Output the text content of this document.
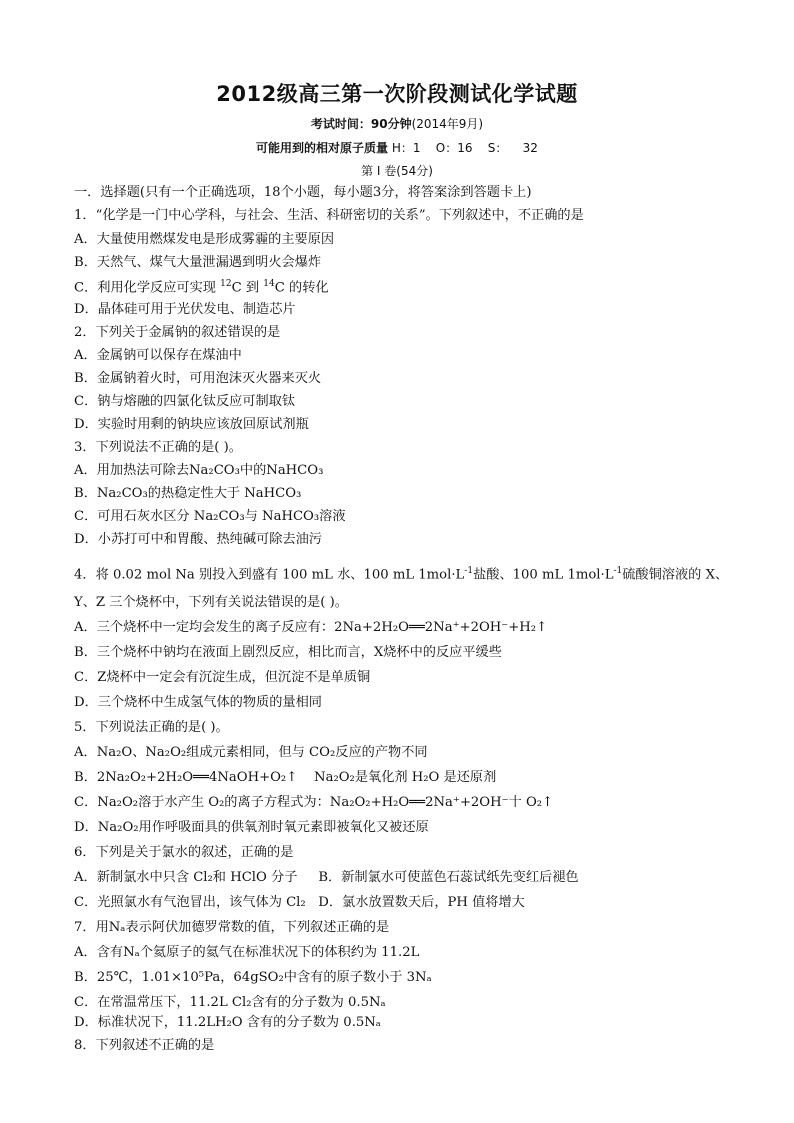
2012级高三第一次阶段测试化学试题
考试时间：90分钟(2014年9月)
可能用到的相对原子质量 H：1    O：16    S：    32
第 Ⅰ 卷(54分)
一．选择题(只有一个正确选项，18个小题，每小题3分，将答案涂到答题卡上)
1．“化学是一门中心学科，与社会、生活、科研密切的关系”。下列叙述中，不正确的是
A．大量使用燃煤发电是形成雾霾的主要原因
B．天然气、煤气大量泄漏遇到明火会爆炸
C．利用化学反应可实现 $^{12}$C 到 $^{14}$C 的转化
D．晶体硅可用于光伏发电、制造芯片
2．下列关于金属钠的叙述错误的是
A．金属钠可以保存在煤油中
B．金属钠着火时，可用泡沫灭火器来灭火
C．钠与熔融的四氯化钛反应可制取钛
D．实验时用剩的钠块应该放回原试剂瓶
3．下列说法不正确的是( )。
A．用加热法可除去Na₂CO₃中的NaHCO₃
B．Na₂CO₃的热稳定性大于 NaHCO₃
C．可用石灰水区分 Na₂CO₃与 NaHCO₃溶液
D．小苏打可中和胃酸、热纯碱可除去油污
4．将 0.02 mol Na 别投入到盛有 100 mL 水、100 mL $1mol\cdot L^{-1}$盐酸、100 mL $1mol\cdot L^{-1}$硫酸铜溶液的 X、
Y、Z 三个烧杯中，下列有关说法错误的是( )。
A．三个烧杯中一定均会发生的离子反应有：2Na+2H₂O══2Na⁺+2OH⁻+H₂↑
B．三个烧杯中钠均在液面上剧烈反应，相比而言，X烧杯中的反应平缓些
C．Z烧杯中一定会有沉淀生成，但沉淀不是单质铜
D．三个烧杯中生成氢气体的物质的量相同
5．下列说法正确的是( )。
A．Na₂O、Na₂O₂组成元素相同，但与 CO₂反应的产物不同
B．2Na₂O₂+2H₂O══4NaOH+O₂↑    Na₂O₂是氧化剂 H₂O 是还原剂
C．Na₂O₂溶于水产生 O₂的离子方程式为：Na₂O₂+H₂O══2Na⁺+2OH⁻十 O₂↑
D．Na₂O₂用作呼吸面具的供氧剂时氧元素即被氧化又被还原
6．下列是关于氯水的叙述，正确的是
A．新制氯水中只含 Cl₂和 HClO 分子     B．新制氯水可使蓝色石蕊试纸先变红后褪色
C．光照氯水有气泡冒出，该气体为 Cl₂   D．氯水放置数天后，PH 值将增大
7．用Nₐ表示阿伏加德罗常数的值，下列叙述正确的是
A．含有Nₐ个氦原子的氦气在标准状况下的体积约为 11.2L
B．25℃，1.01×10⁵Pa，64gSO₂中含有的原子数小于 3Nₐ
C．在常温常压下，11.2L Cl₂含有的分子数为 0.5Nₐ
D．标准状况下，11.2LH₂O 含有的分子数为 0.5Nₐ
8．下列叙述不正确的是
